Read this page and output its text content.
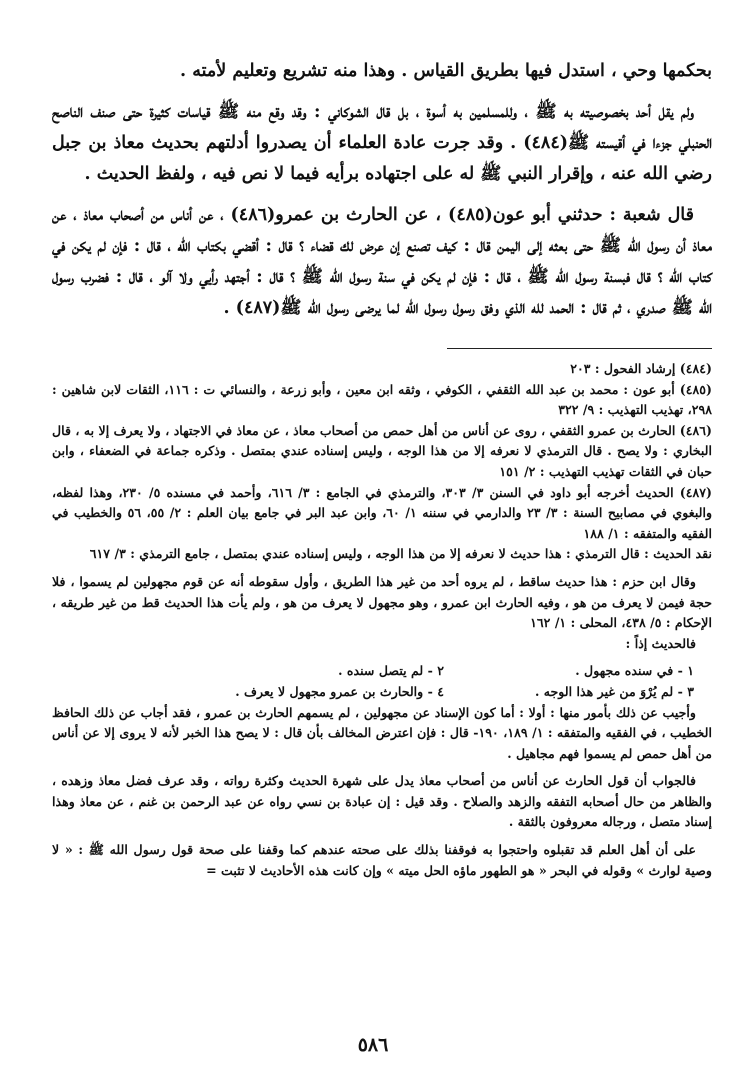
بحكمها وحي ، استدل فيها بطريق القياس . وهذا منه تشريع وتعليم لأمته .

ولم يقل أحد بخصوصيته به ﷺ ، وللمسلمين به أسوة ، بل قال الشوكاني : وقد وقع منه ﷺ قياسات كثيرة حتى صنف الناصح الحنبلي جزءا في أقيسته ﷺ(٤٨٤) . وقد جرت عادة العلماء أن يصدروا أدلتهم بحديث معاذ بن جبل رضي الله عنه ، وإقرار النبي ﷺ له على اجتهاده برأيه فيما لا نص فيه ، ولفظ الحديث .

قال شعبة : حدثني أبو عون(٤٨٥) ، عن الحارث بن عمرو(٤٨٦) ، عن أناس من أصحاب معاذ ، عن معاذ أن رسول الله ﷺ حتى بعثه إلى اليمن قال : كيف تصنع إن عرض لك قضاء ؟ قال : أقضي بكتاب الله ، قال : فإن لم يكن في كتاب الله ؟ قال فبسنة رسول الله ﷺ ، قال : فإن لم يكن في سنة رسول الله ﷺ ؟ قال : أجتهد رأيي ولا آلو ، قال : فضرب رسول الله ﷺ صدري ، ثم قال : الحمد لله الذي وفق رسول رسول الله لما يرضى رسول الله ﷺ(٤٨٧) .

(٤٨٤) إرشاد الفحول : ٢٠٣

(٤٨٥) أبو عون : محمد بن عبد الله الثقفي ، الكوفي ، وثقه ابن معين ، وأبو زرعة ، والنسائي ت : ١١٦، الثقات لابن شاهين : ٢٩٨، تهذيب التهذيب : ٩/ ٣٢٢

(٤٨٦) الحارث بن عمرو الثقفي ، روى عن أناس من أهل حمص من أصحاب معاذ ، عن معاذ في الاجتهاد ، ولا يعرف إلا به ، قال البخاري : ولا يصح . قال الترمذي لا نعرفه إلا من هذا الوجه ، وليس إسناده عندي بمتصل . وذكره جماعة في الضعفاء ، وابن حبان في الثقات تهذيب التهذيب : ٢/ ١٥١

(٤٨٧) الحديث أخرجه أبو داود في السنن ٣/ ٣٠٣، والترمذي في الجامع : ٣/ ٦١٦، وأحمد في مسنده ٥/ ٢٣٠، وهذا لفظه، والبغوي في مصابيح السنة : ٣/ ٢٣ والدارمي في سننه ١/ ٦٠، وابن عبد البر في جامع بيان العلم : ٢/ ٥٥، ٥٦ والخطيب في الفقيه والمتفقه : ١/ ١٨٨

نقد الحديث : قال الترمذي : هذا حديث لا نعرفه إلا من هذا الوجه ، وليس إسناده عندي بمتصل ، جامع الترمذي : ٣/ ٦١٧

وقال ابن حزم : هذا حديث ساقط ، لم يروه أحد من غير هذا الطريق ، وأول سقوطه أنه عن قوم مجهولين لم يسموا ، فلا حجة فيمن لا يعرف من هو ، وفيه الحارث ابن عمرو ، وهو مجهول لا يعرف من هو ، ولم يأت هذا الحديث قط من غير طريقه ، الإحكام : ٥/ ٤٣٨، المحلى : ١/ ١٦٢

فالحديث إذاً :

١ - في سنده مجهول .
٢ - لم يتصل سنده .
٣ - لم يُرْوَ من غير هذا الوجه .
٤ - والحارث بن عمرو مجهول لا يعرف .

وأجيب عن ذلك بأمور منها : أولا : أما كون الإسناد عن مجهولين ، لم يسمهم الحارث بن عمرو ، فقد أجاب عن ذلك الحافظ الخطيب ، في الفقيه والمتفقه : ١/ ١٨٩، ١٩٠- قال : فإن اعترض المخالف بأن قال : لا يصح هذا الخبر لأنه لا يروى إلا عن أناس من أهل حمص لم يسموا فهم مجاهيل .

فالجواب أن قول الحارث عن أناس من أصحاب معاذ يدل على شهرة الحديث وكثرة رواته ، وقد عرف فضل معاذ وزهده ، والظاهر من حال أصحابه التفقه والزهد والصلاح . وقد قيل : إن عبادة بن نسي رواه عن عبد الرحمن بن غنم ، عن معاذ وهذا إسناد متصل ، ورجاله معروفون بالثقة .

على أن أهل العلم قد تقبلوه واحتجوا به فوقفنا بذلك على صحته عندهم كما وقفنا على صحة قول رسول الله ﷺ : « لا وصية لوارث » وقوله في البحر « هو الطهور ماؤه الحل ميته » وإن كانت هذه الأحاديث لا تثبت =

٥٨٦
